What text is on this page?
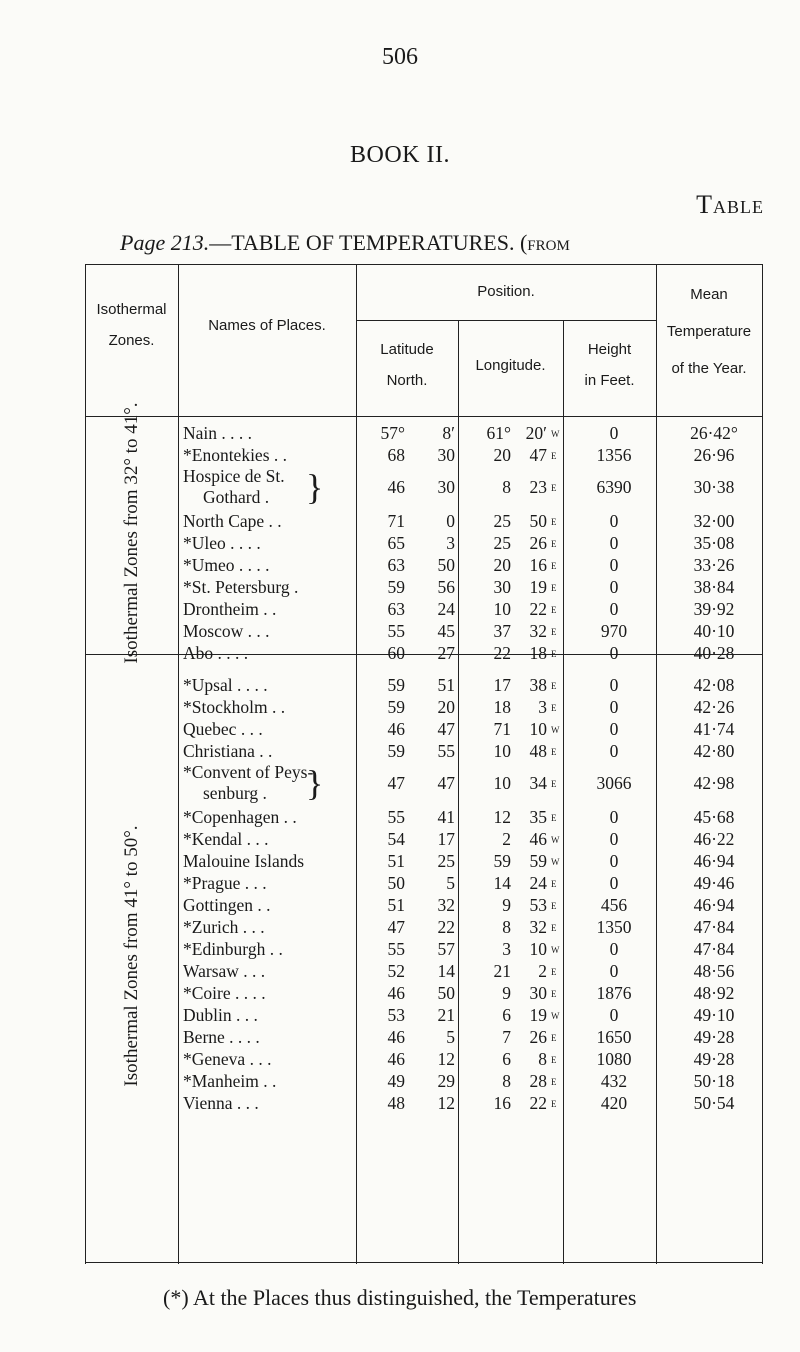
506
BOOK II.
Table
Page 213.—TABLE OF TEMPERATURES. (from
Isothermal
Zones.
Names of Places.
Position.
Latitude
North.
Longitude.
Height
in Feet.
Mean
Temperature
of the Year.
Isothermal Zones from 32° to 41°.
Isothermal Zones from 41° to 50°.
Nain . . . .	57°	8′	61° 20′ w	0	26·42°
*Enontekies . .	68	30	20	47 e	1356	26·96
Hospice de St.
Gothard .	}	46	30	8	23 e	6390	30·38
North Cape . .	71	0	25	50 e	0	32·00
*Uleo . . . .	65	3	25	26 e	0	35·08
*Umeo . . . .	63	50	20	16 e	0	33·26
*St. Petersburg .	59	56	30	19 e	0	38·84
Drontheim . .	63	24	10	22 e	0	39·92
Moscow . . .	55	45	37	32 e	970	40·10
Abo . . . .	60	27	22	18 e	0	40·28
*Upsal . . . .	59	51	17	38 e	0	42·08
*Stockholm . .	59	20	18	3 e	0	42·26
Quebec . . .	46	47	71	10 w	0	41·74
Christiana . .	59	55	10	48 e	0	42·80
*Convent of Peys-
senburg .	}	47	47	10	34 e	3066	42·98
*Copenhagen . .	55	41	12	35 e	0	45·68
*Kendal . . .	54	17	2	46 w	0	46·22
Malouine Islands	51	25	59	59 w	0	46·94
*Prague . . .	50	5	14	24 e	0	49·46
Gottingen . .	51	32	9	53 e	456	46·94
*Zurich . . .	47	22	8	32 e	1350	47·84
*Edinburgh . .	55	57	3	10 w	0	47·84
Warsaw . . .	52	14	21	2 e	0	48·56
*Coire . . . .	46	50	9	30 e	1876	48·92
Dublin . . .	53	21	6	19 w	0	49·10
Berne . . . .	46	5	7	26 e	1650	49·28
*Geneva . . .	46	12	6	8 e	1080	49·28
*Manheim . .	49	29	8	28 e	432	50·18
Vienna . . .	48	12	16	22 e	420	50·54
(*) At the Places thus distinguished, the Temperatures
